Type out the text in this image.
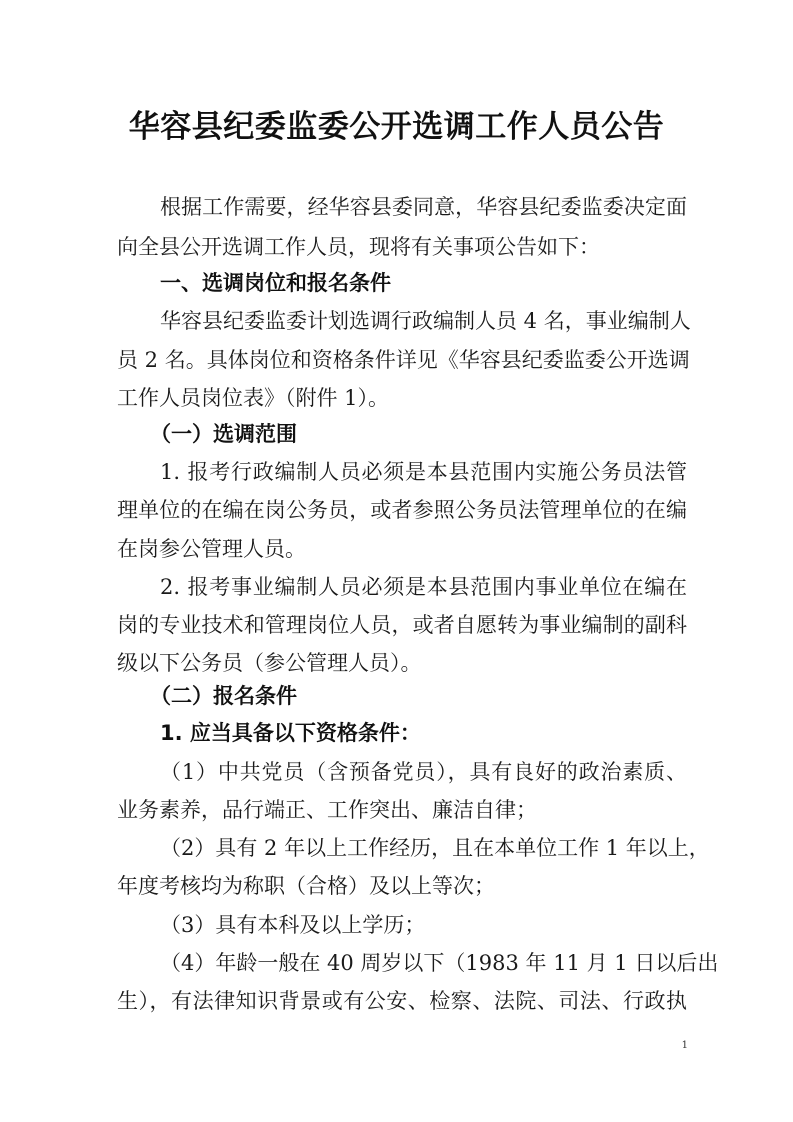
华容县纪委监委公开选调工作人员公告
根据工作需要，经华容县委同意，华容县纪委监委决定面
向全县公开选调工作人员，现将有关事项公告如下：
一、选调岗位和报名条件
华容县纪委监委计划选调行政编制人员 4 名，事业编制人
员 2 名。具体岗位和资格条件详见《华容县纪委监委公开选调
工作人员岗位表》（附件 1）。
（一）选调范围
1. 报考行政编制人员必须是本县范围内实施公务员法管
理单位的在编在岗公务员，或者参照公务员法管理单位的在编
在岗参公管理人员。
2. 报考事业编制人员必须是本县范围内事业单位在编在
岗的专业技术和管理岗位人员，或者自愿转为事业编制的副科
级以下公务员（参公管理人员）。
（二）报名条件
1. 应当具备以下资格条件：
（1）中共党员（含预备党员），具有良好的政治素质、
业务素养，品行端正、工作突出、廉洁自律；
（2）具有 2 年以上工作经历，且在本单位工作 1 年以上，
年度考核均为称职（合格）及以上等次；
（3）具有本科及以上学历；
（4）年龄一般在 40 周岁以下（1983 年 11 月 1 日以后出
生），有法律知识背景或有公安、检察、法院、司法、行政执
1
